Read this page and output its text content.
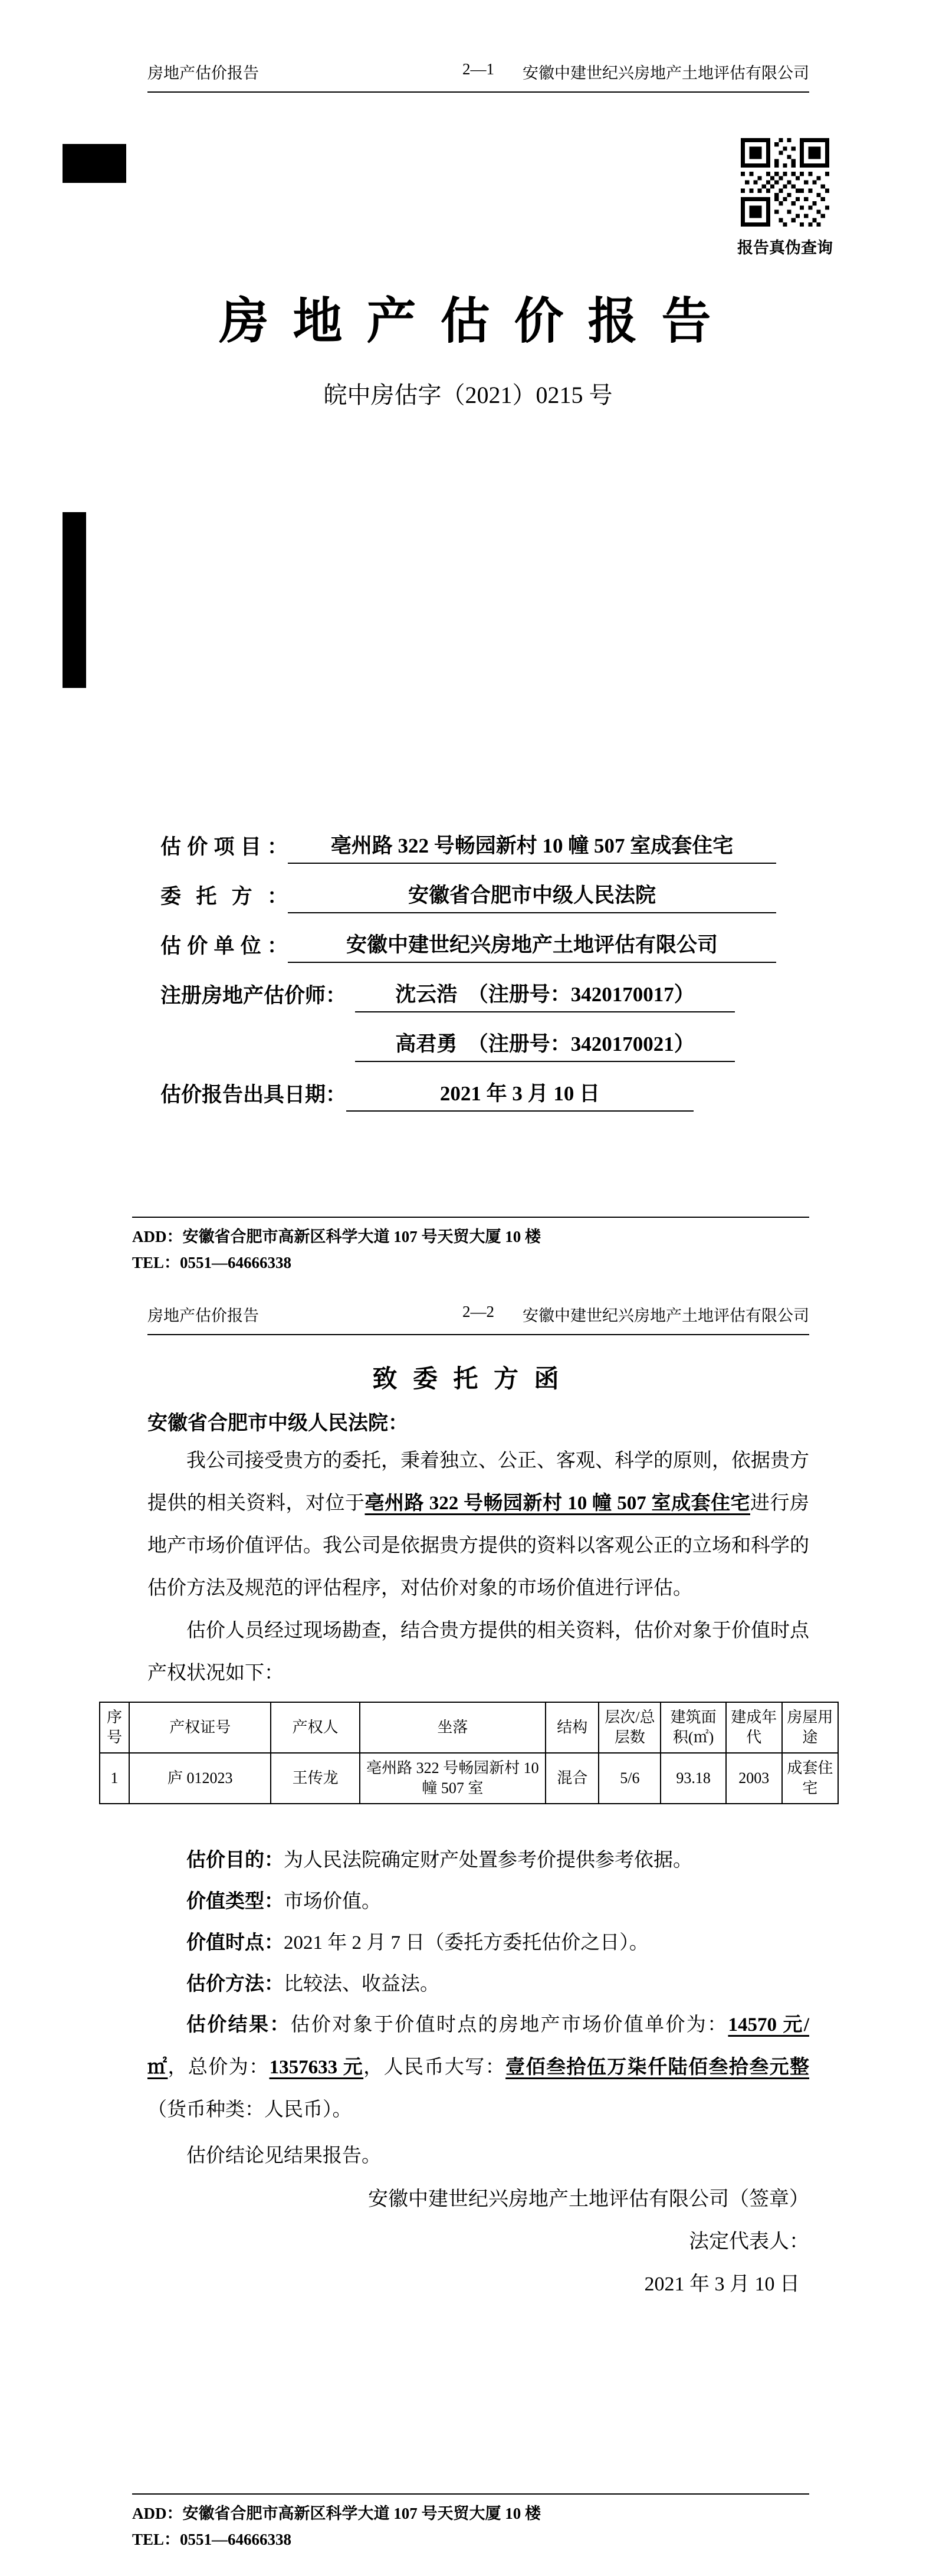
房地产估价报告	2—1	安徽中建世纪兴房地产土地评估有限公司
报告真伪查询
房 地 产 估 价 报 告
皖中房估字（2021）0215 号
估价项目：	亳州路 322 号畅园新村 10 幢 507 室成套住宅
委托方：	安徽省合肥市中级人民法院
估价单位：	安徽中建世纪兴房地产土地评估有限公司
注册房地产估价师：	沈云浩　（注册号：3420170017）
高君勇　（注册号：3420170021）
估价报告出具日期：	2021 年 3 月 10 日
ADD：安徽省合肥市高新区科学大道 107 号天贸大厦 10 楼
TEL：0551—64666338
房地产估价报告	2—2	安徽中建世纪兴房地产土地评估有限公司
致 委 托 方 函
安徽省合肥市中级人民法院：
我公司接受贵方的委托，秉着独立、公正、客观、科学的原则，依据贵方提供的相关资料，对位于亳州路 322 号畅园新村 10 幢 507 室成套住宅进行房地产市场价值评估。我公司是依据贵方提供的资料以客观公正的立场和科学的估价方法及规范的评估程序，对估价对象的市场价值进行评估。
估价人员经过现场勘查，结合贵方提供的相关资料，估价对象于价值时点产权状况如下：
序号	产权证号	产权人	坐落	结构	层次/总层数	建筑面积(㎡)	建成年代	房屋用途
1	庐 012023	王传龙	亳州路 322 号畅园新村 10 幢 507 室	混合	5/6	93.18	2003	成套住宅
估价目的：为人民法院确定财产处置参考价提供参考依据。
价值类型：市场价值。
价值时点：2021 年 2 月 7 日（委托方委托估价之日）。
估价方法：比较法、收益法。
估价结果：估价对象于价值时点的房地产市场价值单价为：14570 元/㎡，总价为：1357633 元，人民币大写：壹佰叁拾伍万柒仟陆佰叁拾叁元整（货币种类：人民币）。
估价结论见结果报告。
安徽中建世纪兴房地产土地评估有限公司（签章）
法定代表人：
2021 年 3 月 10 日
ADD：安徽省合肥市高新区科学大道 107 号天贸大厦 10 楼
TEL：0551—64666338
